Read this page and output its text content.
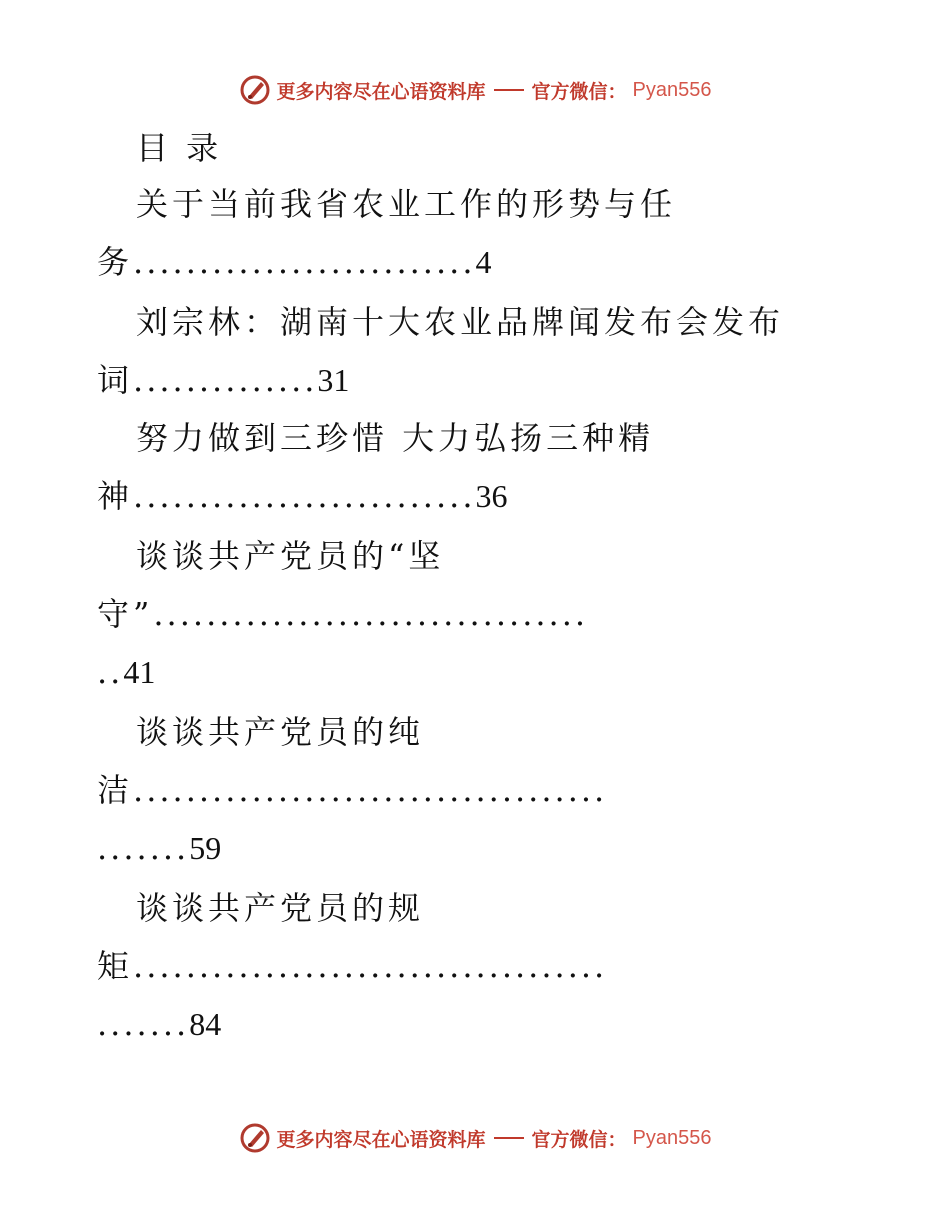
更多内容尽在心语资料库 官方微信： Pyan556
目 录
关于当前我省农业工作的形势与任
务..........................4
刘宗林：湖南十大农业品牌闻发布会发布
词..............31
努力做到三珍惜 大力弘扬三种精
神..........................36
谈谈共产党员的“坚
守”.................................
..41
谈谈共产党员的纯
洁....................................
.......59
谈谈共产党员的规
矩....................................
.......84
更多内容尽在心语资料库 官方微信： Pyan556
